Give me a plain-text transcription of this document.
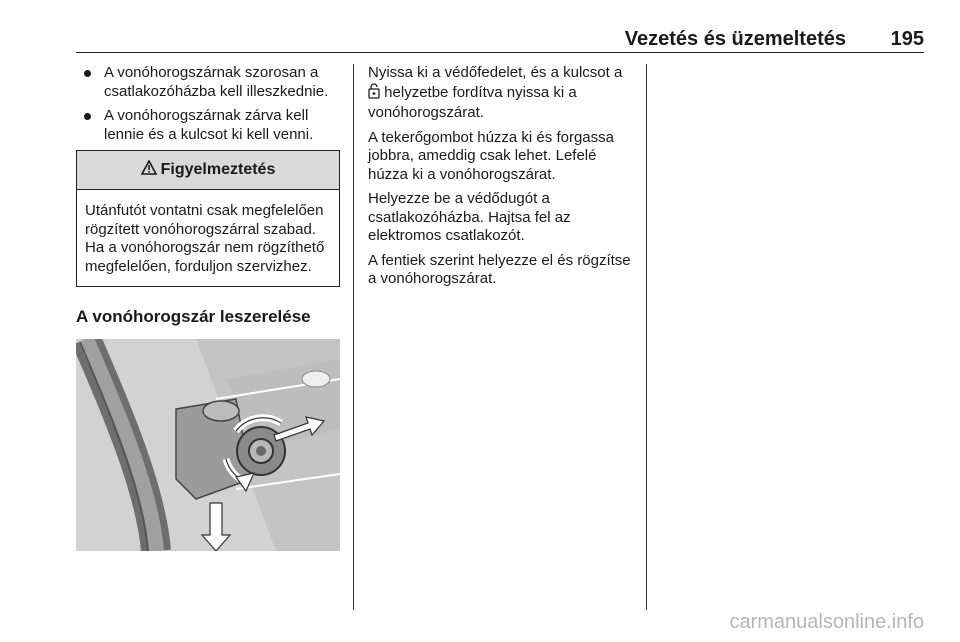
Vezetés és üzemeltetés 195
A vonóhorogszárnak szorosan a csatlakozóházba kell illeszkednie.
A vonóhorogszárnak zárva kell lennie és a kulcsot ki kell venni.
Figyelmeztetés
Utánfutót vontatni csak megfelelően rögzített vonóhorogszárral szabad. Ha a vonóhorogszár nem rögzíthető megfelelően, forduljon szervizhez.
A vonóhorogszár leszerelése

Nyissa ki a védőfedelet, és a kulcsot a  helyzetbe fordítva nyissa ki a vonóhorogszárat.

A tekerőgombot húzza ki és forgassa jobbra, ameddig csak lehet. Lefelé húzza ki a vonóhorogszárat.

Helyezze be a védődugót a csatlakozóházba. Hajtsa fel az elektromos csatlakozót.

A fentiek szerint helyezze el és rögzítse a vonóhorogszárat.

carmanualsonline.info
